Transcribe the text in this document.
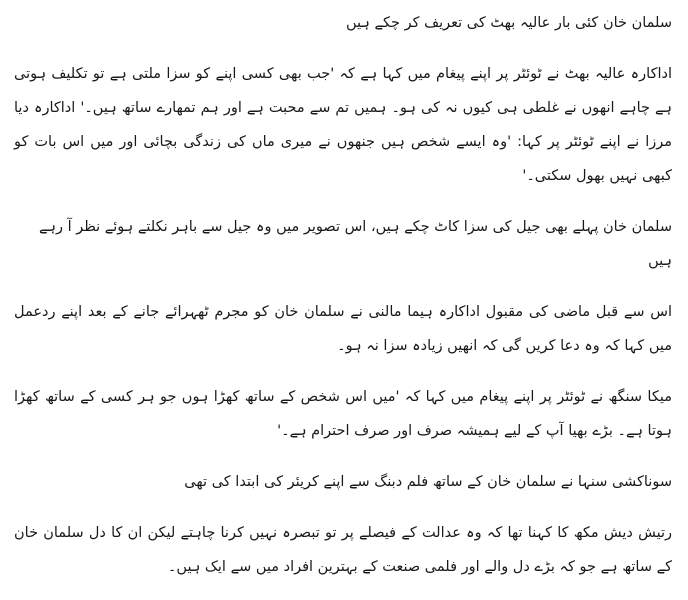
سلمان خان کئی بار عالیہ بھٹ کی تعریف کر چکے ہیں

اداکارہ عالیہ بھٹ نے ٹوئٹر پر اپنے پیغام میں کہا ہے کہ 'جب بھی کسی اپنے کو سزا ملتی ہے تو تکلیف ہوتی ہے چاہے انھوں نے غلطی ہی کیوں نہ کی ہو۔ ہمیں تم سے محبت ہے اور ہم تمھارے ساتھ ہیں۔' اداکارہ دیا مرزا نے اپنے ٹوئٹر پر کہا: 'وہ ایسے شخص ہیں جنھوں نے میری ماں کی زندگی بچائی اور میں اس بات کو کبھی نہیں بھول سکتی۔'

سلمان خان پہلے بھی جیل کی سزا کاٹ چکے ہیں، اس تصویر میں وہ جیل سے باہر نکلتے ہوئے نظر آ رہے ہیں

اس سے قبل ماضی کی مقبول اداکارہ ہیما مالنی نے سلمان خان کو مجرم ٹھہرائے جانے کے بعد اپنے ردعمل میں کہا کہ وہ دعا کریں گی کہ انھیں زیادہ سزا نہ ہو۔

میکا سنگھ نے ٹوئٹر پر اپنے پیغام میں کہا کہ 'میں اس شخص کے ساتھ کھڑا ہوں جو ہر کسی کے ساتھ کھڑا ہوتا ہے۔ بڑے بھیا آپ کے لیے ہمیشہ صرف اور صرف احترام ہے۔'

سوناکشی سنہا نے سلمان خان کے ساتھ فلم دبنگ سے اپنے کریئر کی ابتدا کی تھی

رتیش دیش مکھ کا کہنا تھا کہ وہ عدالت کے فیصلے پر تو تبصرہ نہیں کرنا چاہتے لیکن ان کا دل سلمان خان کے ساتھ ہے جو کہ بڑے دل والے اور فلمی صنعت کے بہترین افراد میں سے ایک ہیں۔
